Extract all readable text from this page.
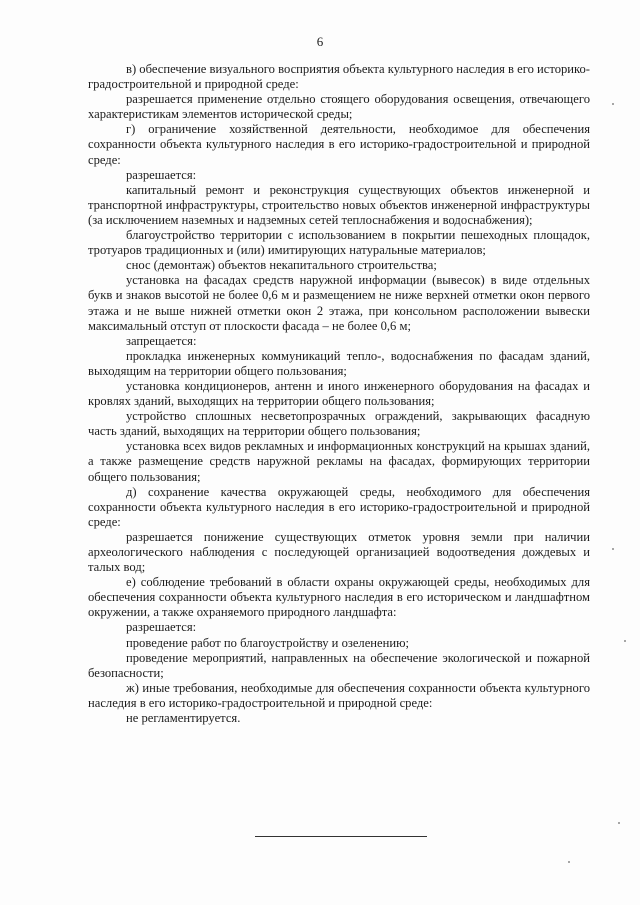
6

в) обеспечение визуального восприятия объекта культурного наследия в его историко-градостроительной и природной среде:

разрешается применение отдельно стоящего оборудования освещения, отвечающего характеристикам элементов исторической среды;

г) ограничение хозяйственной деятельности, необходимое для обеспечения сохранности объекта культурного наследия в его историко-градостроительной и природной среде:

разрешается:

капитальный ремонт и реконструкция существующих объектов инженерной и транспортной инфраструктуры, строительство новых объектов инженерной инфраструктуры (за исключением наземных и надземных сетей теплоснабжения и водоснабжения);

благоустройство территории с использованием в покрытии пешеходных площадок, тротуаров традиционных и (или) имитирующих натуральные материалов;

снос (демонтаж) объектов некапитального строительства;

установка на фасадах средств наружной информации (вывесок) в виде отдельных букв и знаков высотой не более 0,6 м и размещением не ниже верхней отметки окон первого этажа и не выше нижней отметки окон 2 этажа, при консольном расположении вывески максимальный отступ от плоскости фасада – не более 0,6 м;

запрещается:

прокладка инженерных коммуникаций тепло-, водоснабжения по фасадам зданий, выходящим на территории общего пользования;

установка кондиционеров, антенн и иного инженерного оборудования на фасадах и кровлях зданий, выходящих на территории общего пользования;

устройство сплошных несветопрозрачных ограждений, закрывающих фасадную часть зданий, выходящих на территории общего пользования;

установка всех видов рекламных и информационных конструкций на крышах зданий, а также размещение средств наружной рекламы на фасадах, формирующих территории общего пользования;

д) сохранение качества окружающей среды, необходимого для обеспечения сохранности объекта культурного наследия в его историко-градостроительной и природной среде:

разрешается понижение существующих отметок уровня земли при наличии археологического наблюдения с последующей организацией водоотведения дождевых и талых вод;

е) соблюдение требований в области охраны окружающей среды, необходимых для обеспечения сохранности объекта культурного наследия в его историческом и ландшафтном окружении, а также охраняемого природного ландшафта:

разрешается:

проведение работ по благоустройству и озеленению;

проведение мероприятий, направленных на обеспечение экологической и пожарной безопасности;

ж) иные требования, необходимые для обеспечения сохранности объекта культурного наследия в его историко-градостроительной и природной среде:

не регламентируется.
